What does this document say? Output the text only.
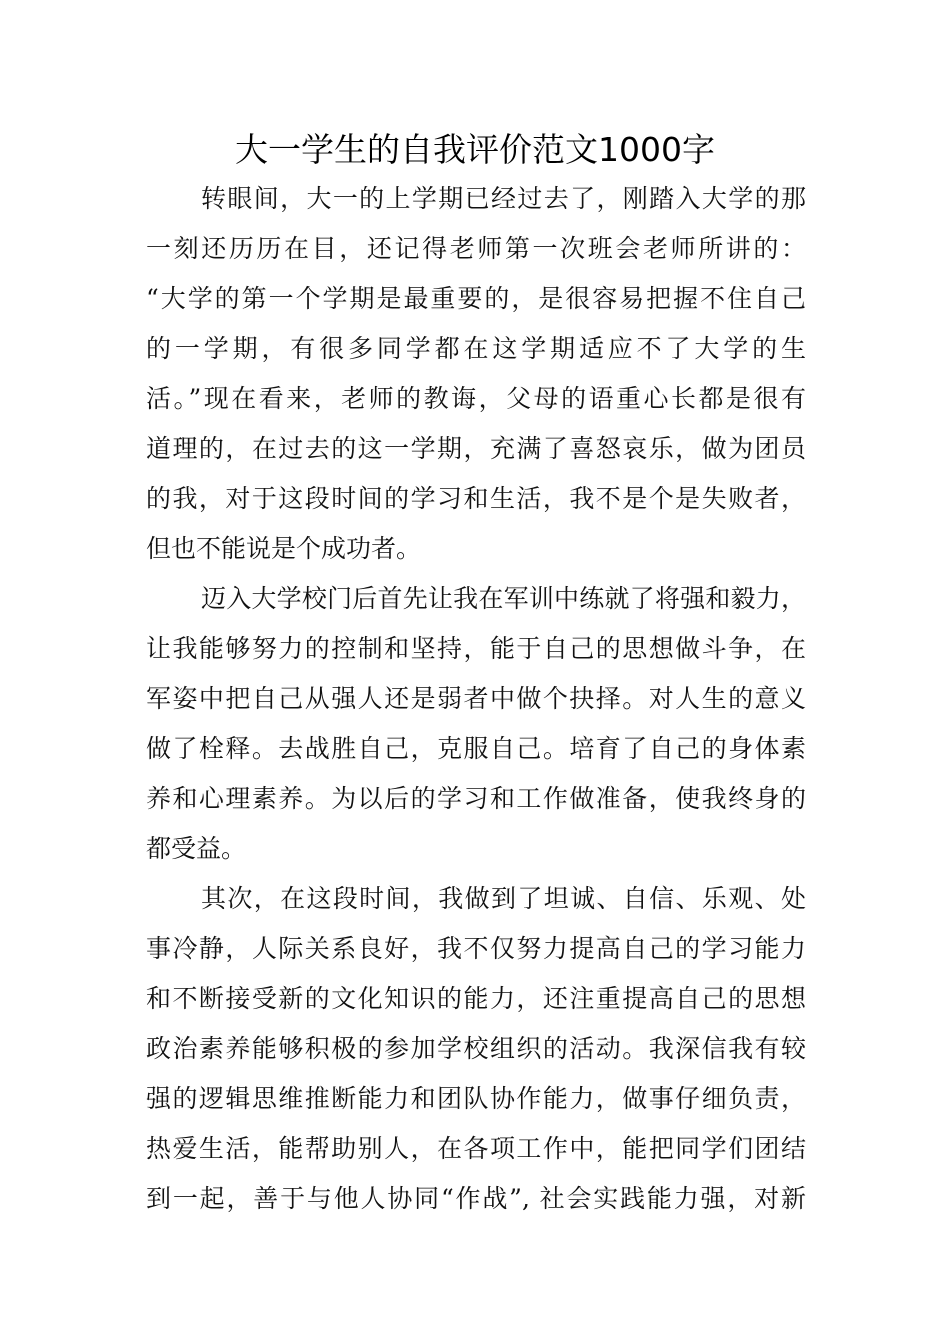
大一学生的自我评价范文1000字
转眼间，大一的上学期已经过去了，刚踏入大学的那
一刻还历历在目，还记得老师第一次班会老师所讲的：
“大学的第一个学期是最重要的，是很容易把握不住自己
的一学期，有很多同学都在这学期适应不了大学的生
活。”现在看来，老师的教诲，父母的语重心长都是很有
道理的，在过去的这一学期，充满了喜怒哀乐，做为团员
的我，对于这段时间的学习和生活，我不是个是失败者，
但也不能说是个成功者。
迈入大学校门后首先让我在军训中练就了将强和毅力，
让我能够努力的控制和坚持，能于自己的思想做斗争，在
军姿中把自己从强人还是弱者中做个抉择。对人生的意义
做了栓释。去战胜自己，克服自己。培育了自己的身体素
养和心理素养。为以后的学习和工作做准备，使我终身的
都受益。
其次，在这段时间，我做到了坦诚、自信、乐观、处
事冷静，人际关系良好，我不仅努力提高自己的学习能力
和不断接受新的文化知识的能力，还注重提高自己的思想
政治素养能够积极的参加学校组织的活动。我深信我有较
强的逻辑思维推断能力和团队协作能力，做事仔细负责，
热爱生活，能帮助别人，在各项工作中，能把同学们团结
到一起，善于与他人协同“作战”, 社会实践能力强，对新
